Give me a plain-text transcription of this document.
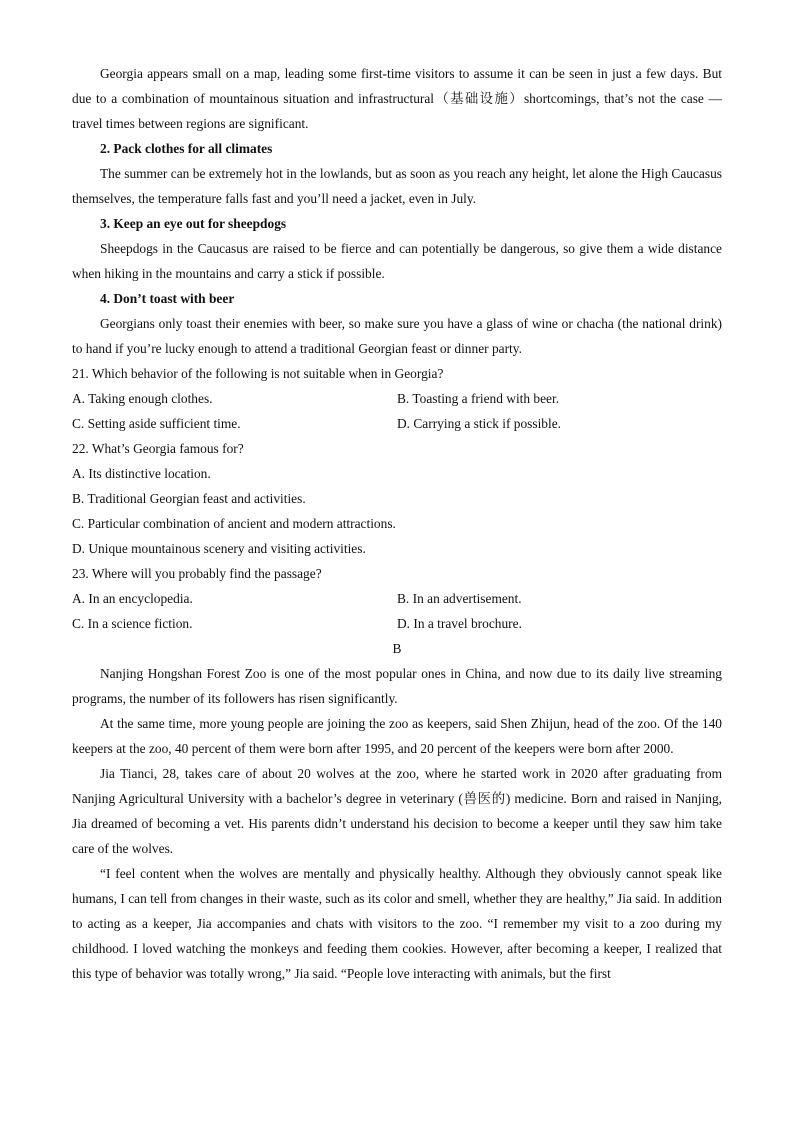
Georgia appears small on a map, leading some first-time visitors to assume it can be seen in just a few days. But due to a combination of mountainous situation and infrastructural（基础设施）shortcomings, that’s not the case — travel times between regions are significant.

2. Pack clothes for all climates

The summer can be extremely hot in the lowlands, but as soon as you reach any height, let alone the High Caucasus themselves, the temperature falls fast and you’ll need a jacket, even in July.

3. Keep an eye out for sheepdogs

Sheepdogs in the Caucasus are raised to be fierce and can potentially be dangerous, so give them a wide distance when hiking in the mountains and carry a stick if possible.

4. Don’t toast with beer

Georgians only toast their enemies with beer, so make sure you have a glass of wine or chacha (the national drink) to hand if you’re lucky enough to attend a traditional Georgian feast or dinner party.

21. Which behavior of the following is not suitable when in Georgia?

A. Taking enough clothes.	B. Toasting a friend with beer.
C. Setting aside sufficient time.	D. Carrying a stick if possible.

22. What’s Georgia famous for?

A. Its distinctive location.

B. Traditional Georgian feast and activities.

C. Particular combination of ancient and modern attractions.

D. Unique mountainous scenery and visiting activities.

23. Where will you probably find the passage?

A. In an encyclopedia.	B. In an advertisement.
C. In a science fiction.	D. In a travel brochure.

B

Nanjing Hongshan Forest Zoo is one of the most popular ones in China, and now due to its daily live streaming programs, the number of its followers has risen significantly.

At the same time, more young people are joining the zoo as keepers, said Shen Zhijun, head of the zoo. Of the 140 keepers at the zoo, 40 percent of them were born after 1995, and 20 percent of the keepers were born after 2000.

Jia Tianci, 28, takes care of about 20 wolves at the zoo, where he started work in 2020 after graduating from Nanjing Agricultural University with a bachelor’s degree in veterinary (兽医的) medicine. Born and raised in Nanjing, Jia dreamed of becoming a vet. His parents didn’t understand his decision to become a keeper until they saw him take care of the wolves.

“I feel content when the wolves are mentally and physically healthy. Although they obviously cannot speak like humans, I can tell from changes in their waste, such as its color and smell, whether they are healthy,” Jia said. In addition to acting as a keeper, Jia accompanies and chats with visitors to the zoo. “I remember my visit to a zoo during my childhood. I loved watching the monkeys and feeding them cookies. However, after becoming a keeper, I realized that this type of behavior was totally wrong,” Jia said. “People love interacting with animals, but the first
